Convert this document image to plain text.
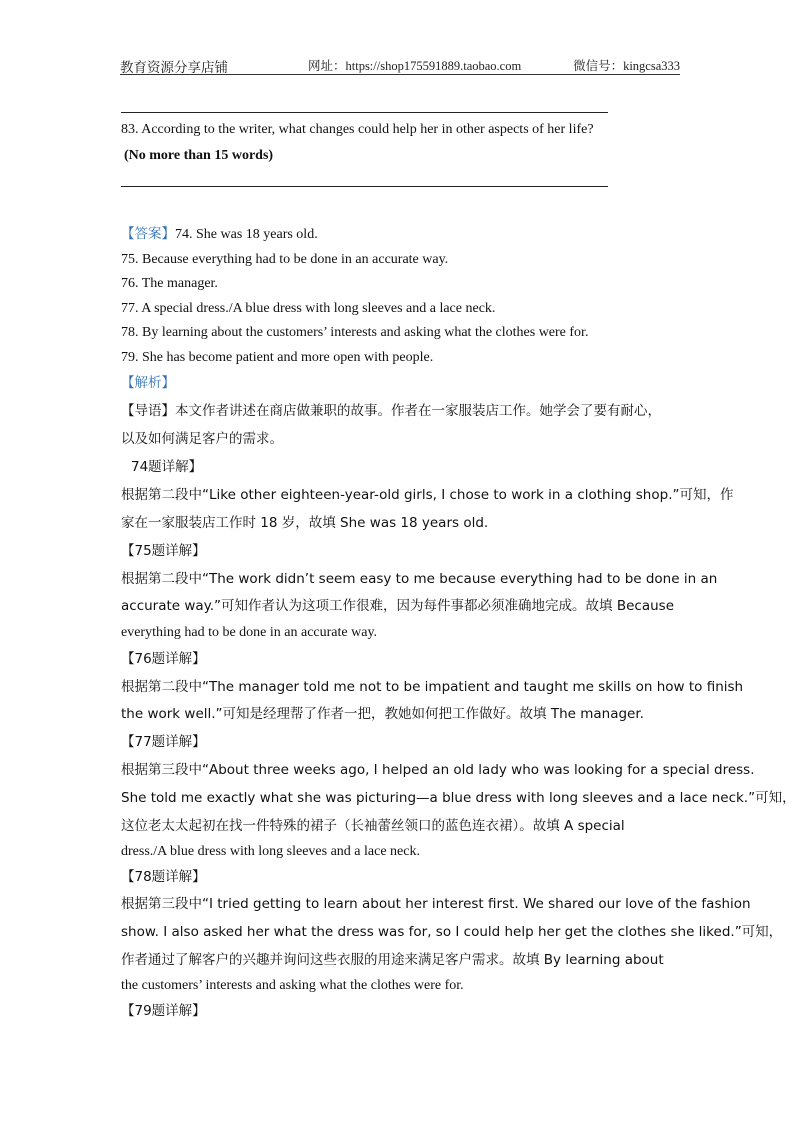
教育资源分享店铺	网址：https://shop175591889.taobao.com	微信号：kingcsa333
83. According to the writer, what changes could help her in other aspects of her life?
(No more than 15 words)
【答案】74. She was 18 years old.
75. Because everything had to be done in an accurate way.
76. The manager.
77. A special dress./A blue dress with long sleeves and a lace neck.
78. By learning about the customers’ interests and asking what the clothes were for.
79. She has become patient and more open with people.
【解析】
【导语】本文作者讲述在商店做兼职的故事。作者在一家服装店工作。她学会了要有耐心，
以及如何满足客户的需求。
74题详解】
根据第二段中“Like other eighteen-year-old girls, I chose to work in a clothing shop.”可知，作
家在一家服装店工作时 18 岁，故填 She was 18 years old.
【75题详解】
根据第二段中“The work didn’t seem easy to me because everything had to be done in an
accurate way.”可知作者认为这项工作很难，因为每件事都必须准确地完成。故填 Because
everything had to be done in an accurate way.
【76题详解】
根据第二段中“The manager told me not to be impatient and taught me skills on how to finish
the work well.”可知是经理帮了作者一把，教她如何把工作做好。故填 The manager.
【77题详解】
根据第三段中“About three weeks ago, I helped an old lady who was looking for a special dress.
She told me exactly what she was picturing—a blue dress with long sleeves and a lace neck.”可知，
这位老太太起初在找一件特殊的裙子（长袖蕾丝领口的蓝色连衣裙）。故填 A special
dress./A blue dress with long sleeves and a lace neck.
【78题详解】
根据第三段中“I tried getting to learn about her interest first. We shared our love of the fashion
show. I also asked her what the dress was for, so I could help her get the clothes she liked.”可知，
作者通过了解客户的兴趣并询问这些衣服的用途来满足客户需求。故填 By learning about
the customers’ interests and asking what the clothes were for.
【79题详解】
